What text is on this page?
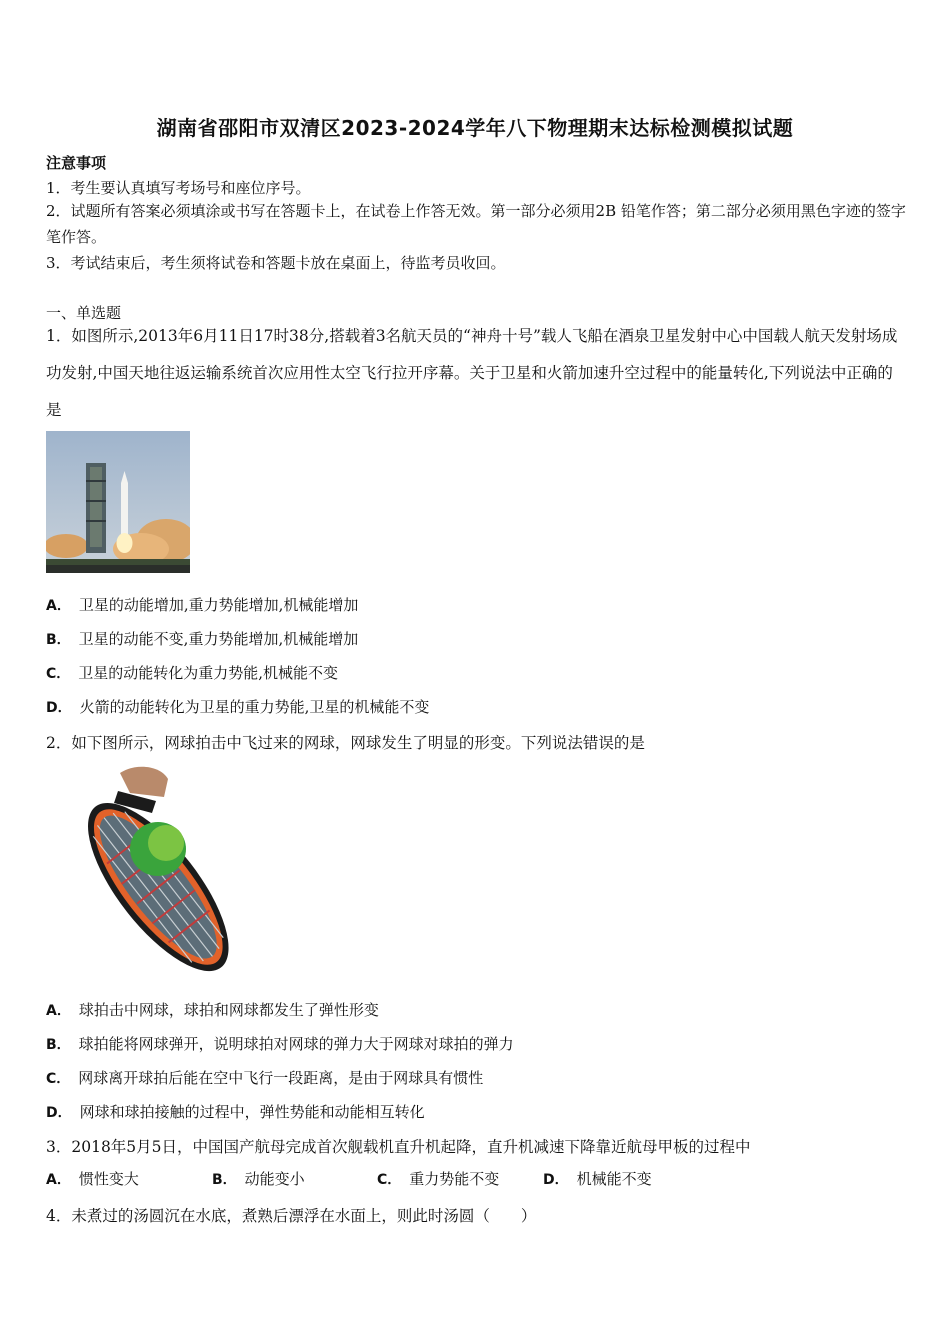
湖南省邵阳市双清区2023-2024学年八下物理期末达标检测模拟试题
注意事项
1．考生要认真填写考场号和座位序号。
2．试题所有答案必须填涂或书写在答题卡上，在试卷上作答无效。第一部分必须用2B 铅笔作答；第二部分必须用黑色字迹的签字笔作答。
3．考试结束后，考生须将试卷和答题卡放在桌面上，待监考员收回。
一、单选题
1．如图所示,2013年6月11日17时38分,搭载着3名航天员的“神舟十号”载人飞船在酒泉卫星发射中心中国载人航天发射场成功发射,中国天地往返运输系统首次应用性太空飞行拉开序幕。关于卫星和火箭加速升空过程中的能量转化,下列说法中正确的是
A． 卫星的动能增加,重力势能增加,机械能增加
B． 卫星的动能不变,重力势能增加,机械能增加
C． 卫星的动能转化为重力势能,机械能不变
D． 火箭的动能转化为卫星的重力势能,卫星的机械能不变
2．如下图所示，网球拍击中飞过来的网球，网球发生了明显的形变。下列说法错误的是
A． 球拍击中网球，球拍和网球都发生了弹性形变
B． 球拍能将网球弹开，说明球拍对网球的弹力大于网球对球拍的弹力
C． 网球离开球拍后能在空中飞行一段距离，是由于网球具有惯性
D． 网球和球拍接触的过程中，弹性势能和动能相互转化
3．2018年5月5日，中国国产航母完成首次舰载机直升机起降，直升机减速下降靠近航母甲板的过程中
A． 惯性变大	B． 动能变小	C． 重力势能不变	D． 机械能不变
4．未煮过的汤圆沉在水底，煮熟后漂浮在水面上，则此时汤圆（　　）
